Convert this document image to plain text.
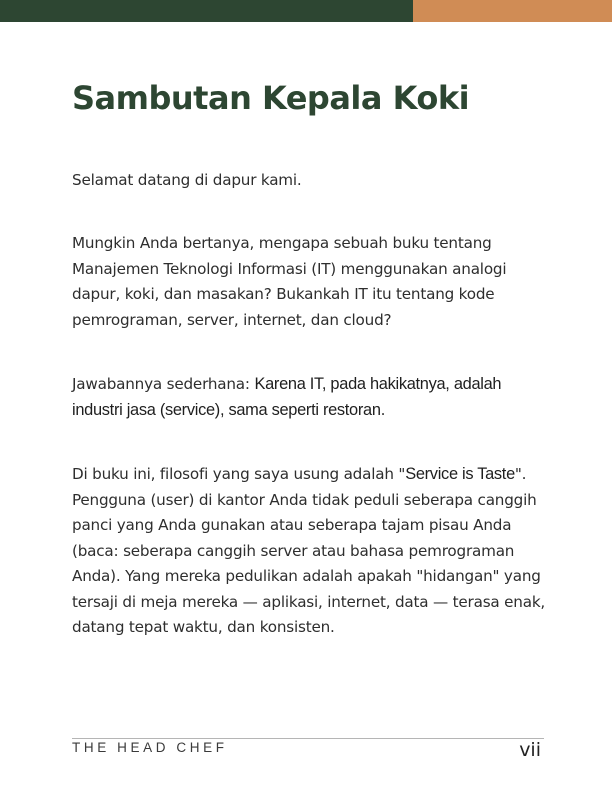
Sambutan Kepala Koki

Selamat datang di dapur kami.

Mungkin Anda bertanya, mengapa sebuah buku tentang Manajemen Teknologi Informasi (IT) menggunakan analogi dapur, koki, dan masakan? Bukankah IT itu tentang kode pemrograman, server, internet, dan cloud?

Jawabannya sederhana: Karena IT, pada hakikatnya, adalah industri jasa (service), sama seperti restoran.

Di buku ini, filosofi yang saya usung adalah "Service is Taste". Pengguna (user) di kantor Anda tidak peduli seberapa canggih panci yang Anda gunakan atau seberapa tajam pisau Anda (baca: seberapa canggih server atau bahasa pemrograman Anda). Yang mereka pedulikan adalah apakah "hidangan" yang tersaji di meja mereka — aplikasi, internet, data — terasa enak, datang tepat waktu, dan konsisten.

THE HEAD CHEF	vii
